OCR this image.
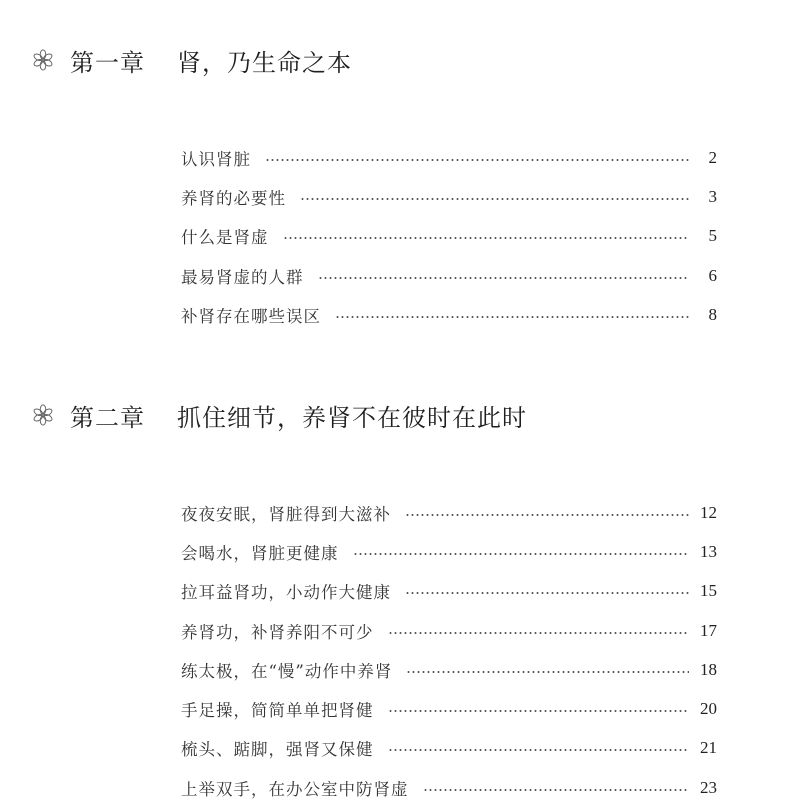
第一章 肾，乃生命之本
认识肾脏	2
养肾的必要性	3
什么是肾虚	5
最易肾虚的人群	6
补肾存在哪些误区	8
第二章 抓住细节，养肾不在彼时在此时
夜夜安眠，肾脏得到大滋补	12
会喝水，肾脏更健康	13
拉耳益肾功，小动作大健康	15
养肾功，补肾养阳不可少	17
练太极，在“慢”动作中养肾	18
手足操，简简单单把肾健	20
梳头、踮脚，强肾又保健	21
上举双手，在办公室中防肾虚	23
